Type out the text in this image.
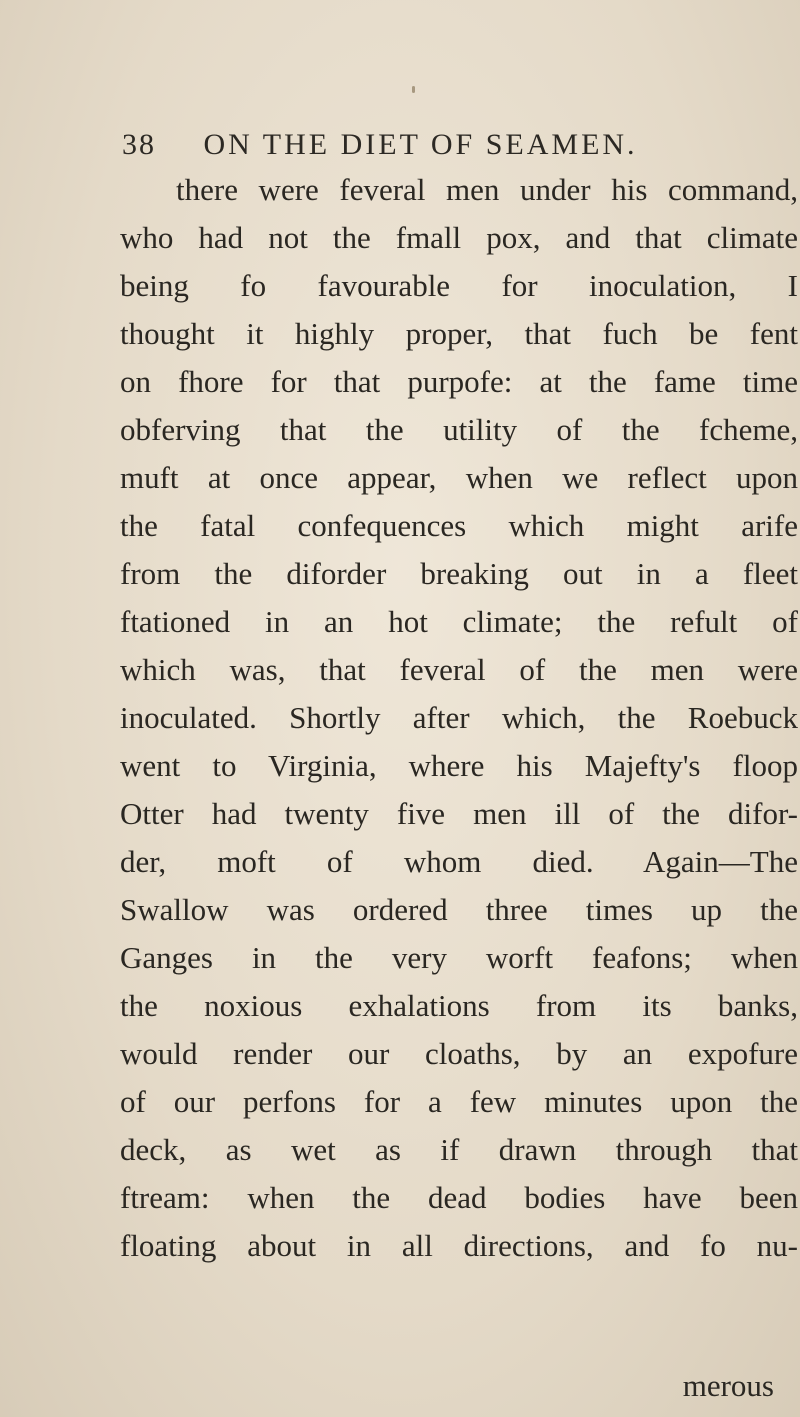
38 ON THE DIET OF SEAMEN.
there were feveral men under his command,
who had not the fmall pox, and that climate
being fo favourable for inoculation, I
thought it highly proper, that fuch be fent
on fhore for that purpofe: at the fame time
obferving that the utility of the fcheme,
muft at once appear, when we reflect upon
the fatal confequences which might arife
from the diforder breaking out in a fleet
ftationed in an hot climate; the refult of
which was, that feveral of the men were
inoculated. Shortly after which, the Roebuck
went to Virginia, where his Majefty's floop
Otter had twenty five men ill of the difor-
der, moft of whom died. Again—The
Swallow was ordered three times up the
Ganges in the very worft feafons; when
the noxious exhalations from its banks,
would render our cloaths, by an expofure
of our perfons for a few minutes upon the
deck, as wet as if drawn through that
ftream: when the dead bodies have been
floating about in all directions, and fo nu-
merous
